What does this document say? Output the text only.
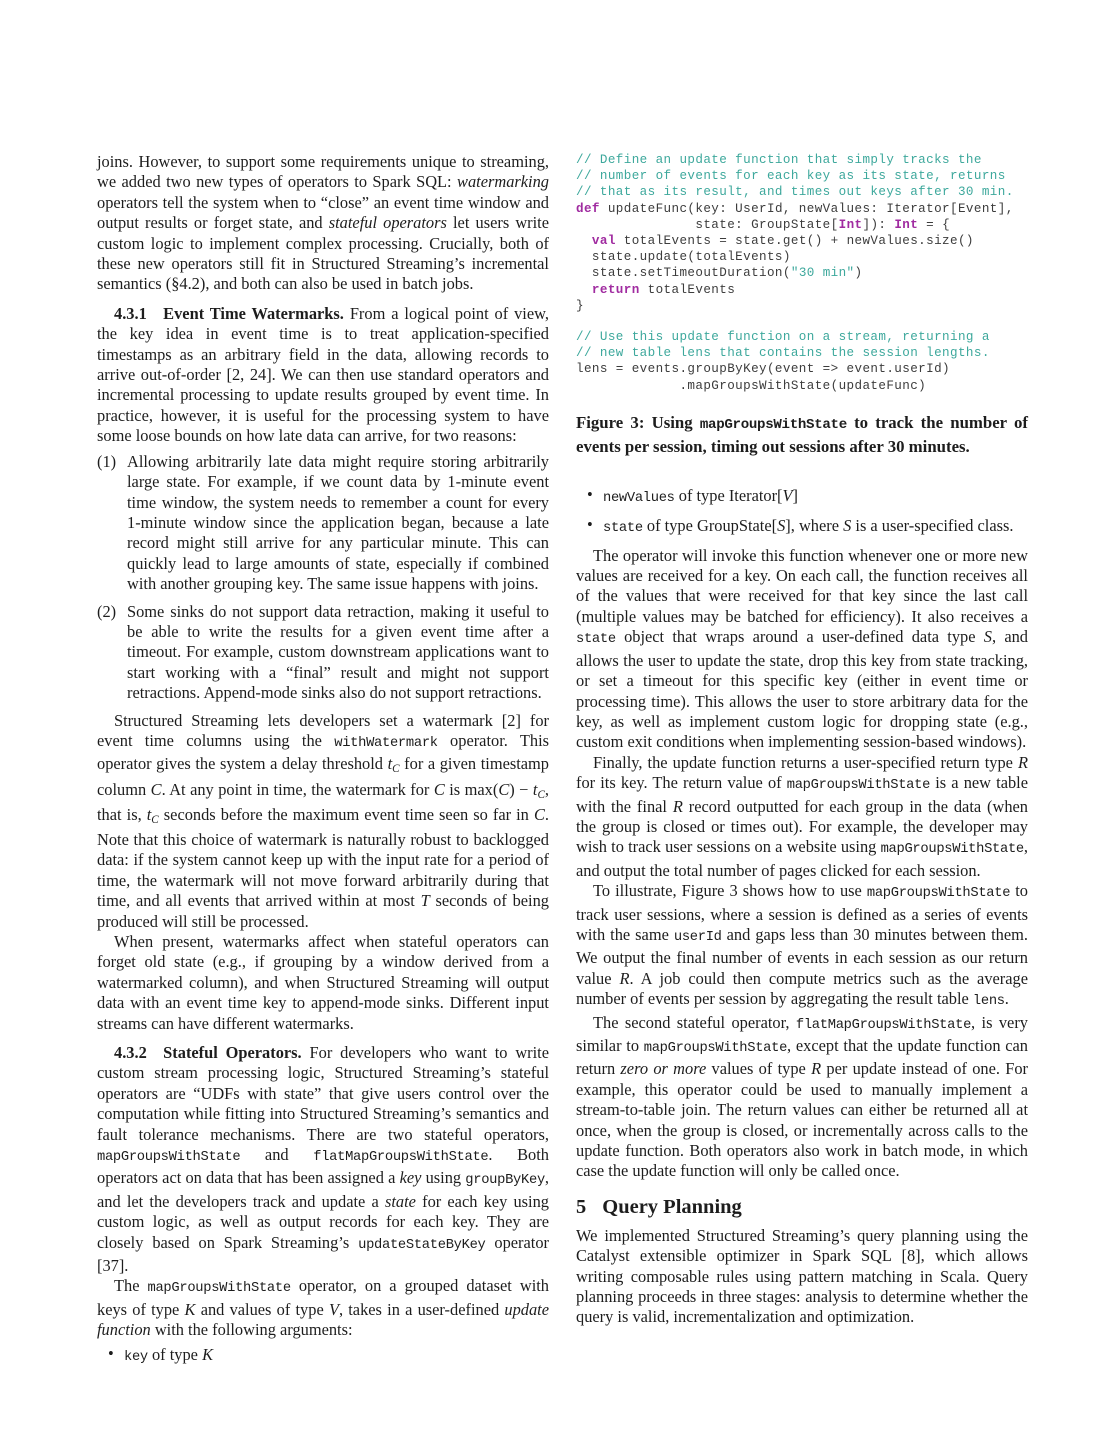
joins. However, to support some requirements unique to streaming, we added two new types of operators to Spark SQL: watermarking operators tell the system when to “close” an event time window and output results or forget state, and stateful operators let users write custom logic to implement complex processing. Crucially, both of these new operators still fit in Structured Streaming’s incremental semantics (§4.2), and both can also be used in batch jobs.

4.3.1 Event Time Watermarks. From a logical point of view, the key idea in event time is to treat application-specified timestamps as an arbitrary field in the data, allowing records to arrive out-of-order [2, 24]. We can then use standard operators and incremental processing to update results grouped by event time. In practice, however, it is useful for the processing system to have some loose bounds on how late data can arrive, for two reasons:

(1) Allowing arbitrarily late data might require storing arbitrarily large state. For example, if we count data by 1-minute event time window, the system needs to remember a count for every 1-minute window since the application began, because a late record might still arrive for any particular minute. This can quickly lead to large amounts of state, especially if combined with another grouping key. The same issue happens with joins.
(2) Some sinks do not support data retraction, making it useful to be able to write the results for a given event time after a timeout. For example, custom downstream applications want to start working with a “final” result and might not support retractions. Append-mode sinks also do not support retractions.

Structured Streaming lets developers set a watermark [2] for event time columns using the withWatermark operator. This operator gives the system a delay threshold tC for a given timestamp column C. At any point in time, the watermark for C is max(C) − tC, that is, tC seconds before the maximum event time seen so far in C. Note that this choice of watermark is naturally robust to backlogged data: if the system cannot keep up with the input rate for a period of time, the watermark will not move forward arbitrarily during that time, and all events that arrived within at most T seconds of being produced will still be processed.

When present, watermarks affect when stateful operators can forget old state (e.g., if grouping by a window derived from a watermarked column), and when Structured Streaming will output data with an event time key to append-mode sinks. Different input streams can have different watermarks.

4.3.2 Stateful Operators. For developers who want to write custom stream processing logic, Structured Streaming’s stateful operators are “UDFs with state” that give users control over the computation while fitting into Structured Streaming’s semantics and fault tolerance mechanisms. There are two stateful operators, mapGroupsWithState and flatMapGroupsWithState. Both operators act on data that has been assigned a key using groupByKey, and let the developers track and update a state for each key using custom logic, as well as output records for each key. They are closely based on Spark Streaming’s updateStateByKey operator [37].

The mapGroupsWithState operator, on a grouped dataset with keys of type K and values of type V, takes in a user-defined update function with the following arguments:

• key of type K
// Define an update function that simply tracks the
// number of events for each key as its state, returns
// that as its result, and times out keys after 30 min.
def updateFunc(key: UserId, newValues: Iterator[Event],
state: GroupState[Int]): Int = {
val totalEvents = state.get() + newValues.size()
state.update(totalEvents)
state.setTimeoutDuration("30 min")
return totalEvents
}
// Use this update function on a stream, returning a
// new table lens that contains the session lengths.
lens = events.groupByKey(event => event.userId)
.mapGroupsWithState(updateFunc)

Figure 3: Using mapGroupsWithState to track the number of events per session, timing out sessions after 30 minutes.

• newValues of type Iterator[V]
• state of type GroupState[S], where S is a user-specified class.

The operator will invoke this function whenever one or more new values are received for a key. On each call, the function receives all of the values that were received for that key since the last call (multiple values may be batched for efficiency). It also receives a state object that wraps around a user-defined data type S, and allows the user to update the state, drop this key from state tracking, or set a timeout for this specific key (either in event time or processing time). This allows the user to store arbitrary data for the key, as well as implement custom logic for dropping state (e.g., custom exit conditions when implementing session-based windows).

Finally, the update function returns a user-specified return type R for its key. The return value of mapGroupsWithState is a new table with the final R record outputted for each group in the data (when the group is closed or times out). For example, the developer may wish to track user sessions on a website using mapGroupsWithState, and output the total number of pages clicked for each session.

To illustrate, Figure 3 shows how to use mapGroupsWithState to track user sessions, where a session is defined as a series of events with the same userId and gaps less than 30 minutes between them. We output the final number of events in each session as our return value R. A job could then compute metrics such as the average number of events per session by aggregating the result table lens.

The second stateful operator, flatMapGroupsWithState, is very similar to mapGroupsWithState, except that the update function can return zero or more values of type R per update instead of one. For example, this operator could be used to manually implement a stream-to-table join. The return values can either be returned all at once, when the group is closed, or incrementally across calls to the update function. Both operators also work in batch mode, in which case the update function will only be called once.

5 Query Planning

We implemented Structured Streaming’s query planning using the Catalyst extensible optimizer in Spark SQL [8], which allows writing composable rules using pattern matching in Scala. Query planning proceeds in three stages: analysis to determine whether the query is valid, incrementalization and optimization.
